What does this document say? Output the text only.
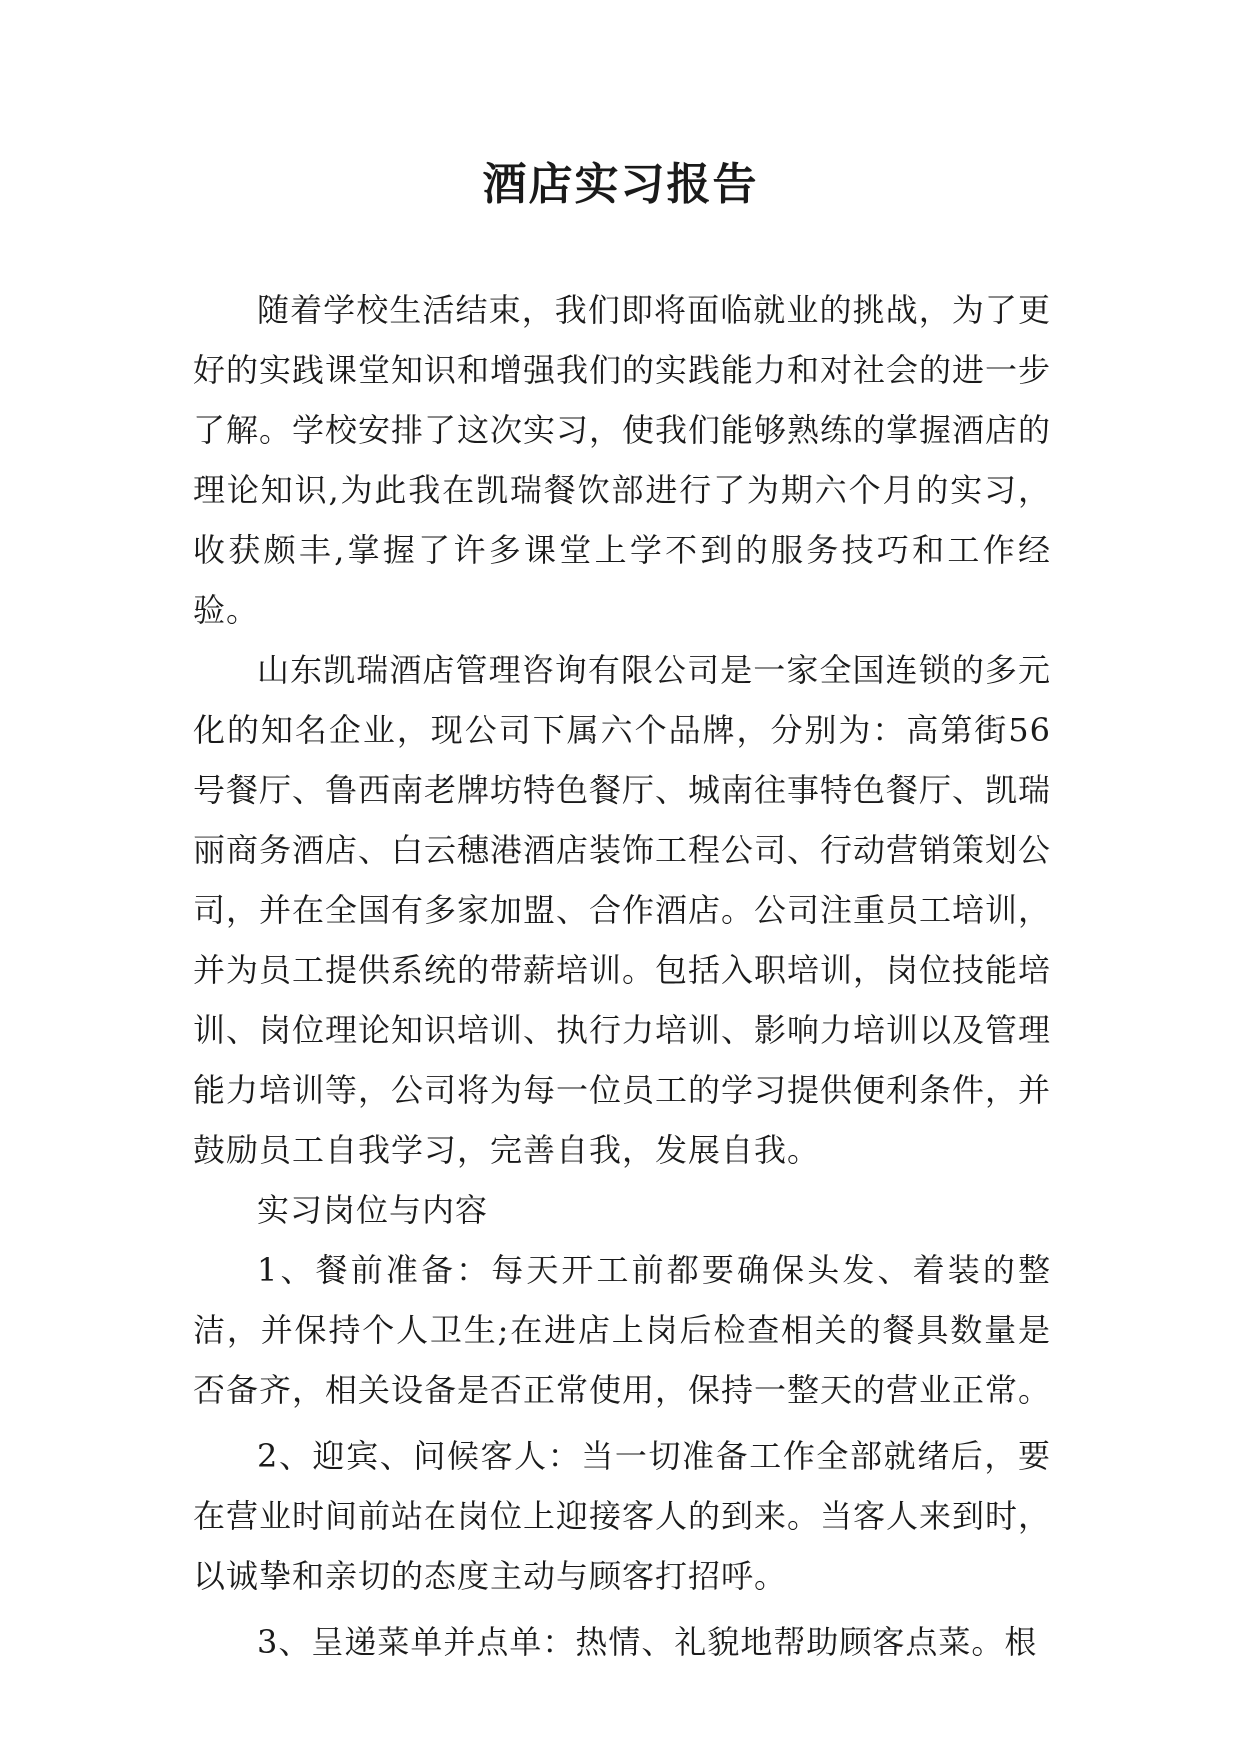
酒店实习报告

随着学校生活结束，我们即将面临就业的挑战，为了更好的实践课堂知识和增强我们的实践能力和对社会的进一步了解。学校安排了这次实习，使我们能够熟练的掌握酒店的理论知识,为此我在凯瑞餐饮部进行了为期六个月的实习，收获颇丰,掌握了许多课堂上学不到的服务技巧和工作经验。

山东凯瑞酒店管理咨询有限公司是一家全国连锁的多元化的知名企业，现公司下属六个品牌，分别为：高第街56号餐厅、鲁西南老牌坊特色餐厅、城南往事特色餐厅、凯瑞丽商务酒店、白云穗港酒店装饰工程公司、行动营销策划公司，并在全国有多家加盟、合作酒店。公司注重员工培训，并为员工提供系统的带薪培训。包括入职培训，岗位技能培训、岗位理论知识培训、执行力培训、影响力培训以及管理能力培训等，公司将为每一位员工的学习提供便利条件，并鼓励员工自我学习，完善自我，发展自我。

实习岗位与内容

1、餐前准备：每天开工前都要确保头发、着装的整洁，并保持个人卫生;在进店上岗后检查相关的餐具数量是否备齐，相关设备是否正常使用，保持一整天的营业正常。

2、迎宾、问候客人：当一切准备工作全部就绪后，要在营业时间前站在岗位上迎接客人的到来。当客人来到时，以诚挚和亲切的态度主动与顾客打招呼。

3、呈递菜单并点单：热情、礼貌地帮助顾客点菜。根
